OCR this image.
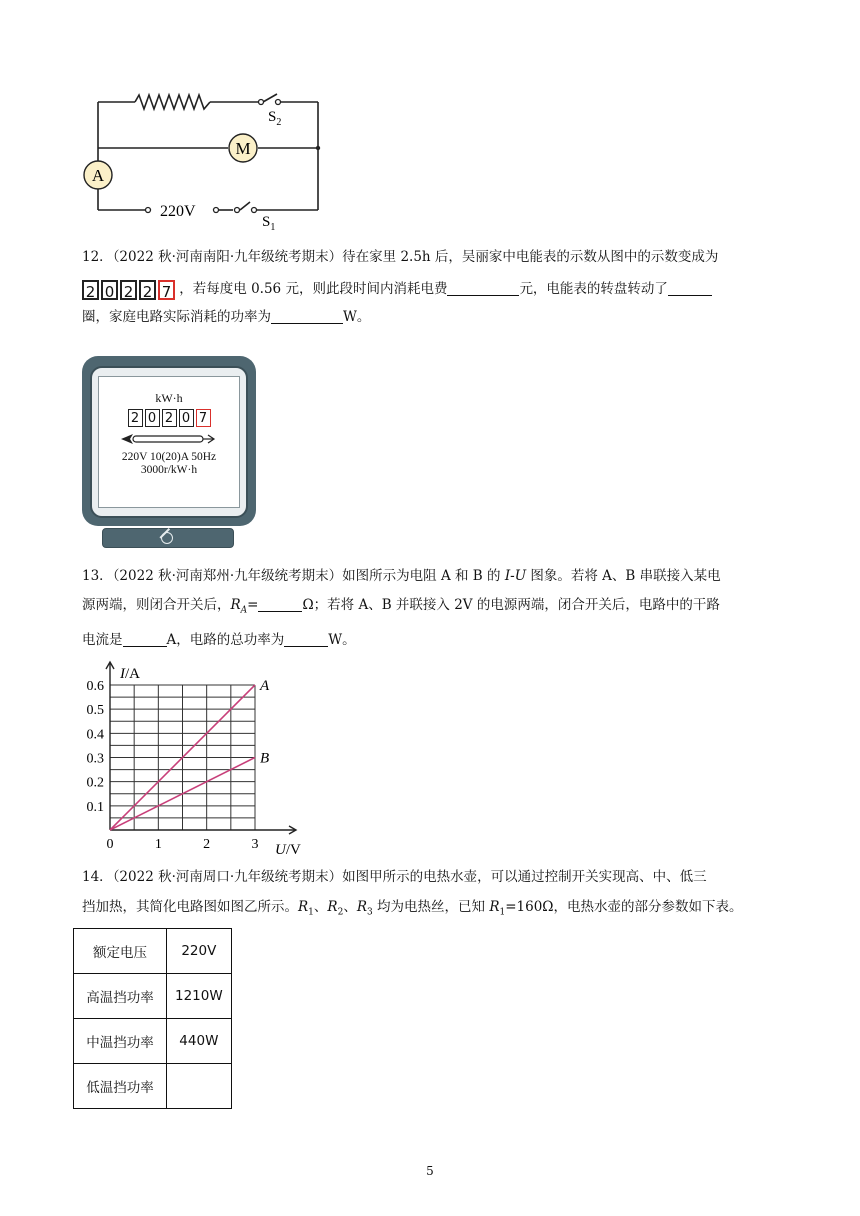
M
A
$S_2$
220V
$S_1$
12．（2022 秋·河南南阳·九年级统考期末）待在家里 2.5h 后，吴丽家中电能表的示数从图中的示数变成为
2 0 2 2 7 ，若每度电 0.56 元，则此段时间内消耗电费	元，电能表的转盘转动了
圈，家庭电路实际消耗的功率为	W。
kW·h
2 0 2 0 7
220V 10(20)A 50Hz
3000r/kW·h
13．（2022 秋·河南郑州·九年级统考期末）如图所示为电阻 A 和 B 的 I-U 图象。若将 A、B 串联接入某电
源两端，则闭合开关后，$R_A=$	Ω；若将 A、B 并联接入 2V 的电源两端，闭合开关后，电路中的干路
电流是	A，电路的总功率为	W。
A
B
0	1	2	3
0.1
0.2
0.3
0.4
0.5
0.6
I/A
U/V
14．（2022 秋·河南周口·九年级统考期末）如图甲所示的电热水壶，可以通过控制开关实现高、中、低三
挡加热，其简化电路图如图乙所示。$R_1$、$R_2$、$R_3$ 均为电热丝，已知 $R_1=160\Omega$，电热水壶的部分参数如下表。
额定电压	220V
高温挡功率	1210W
中温挡功率	440W
低温挡功率	
5
